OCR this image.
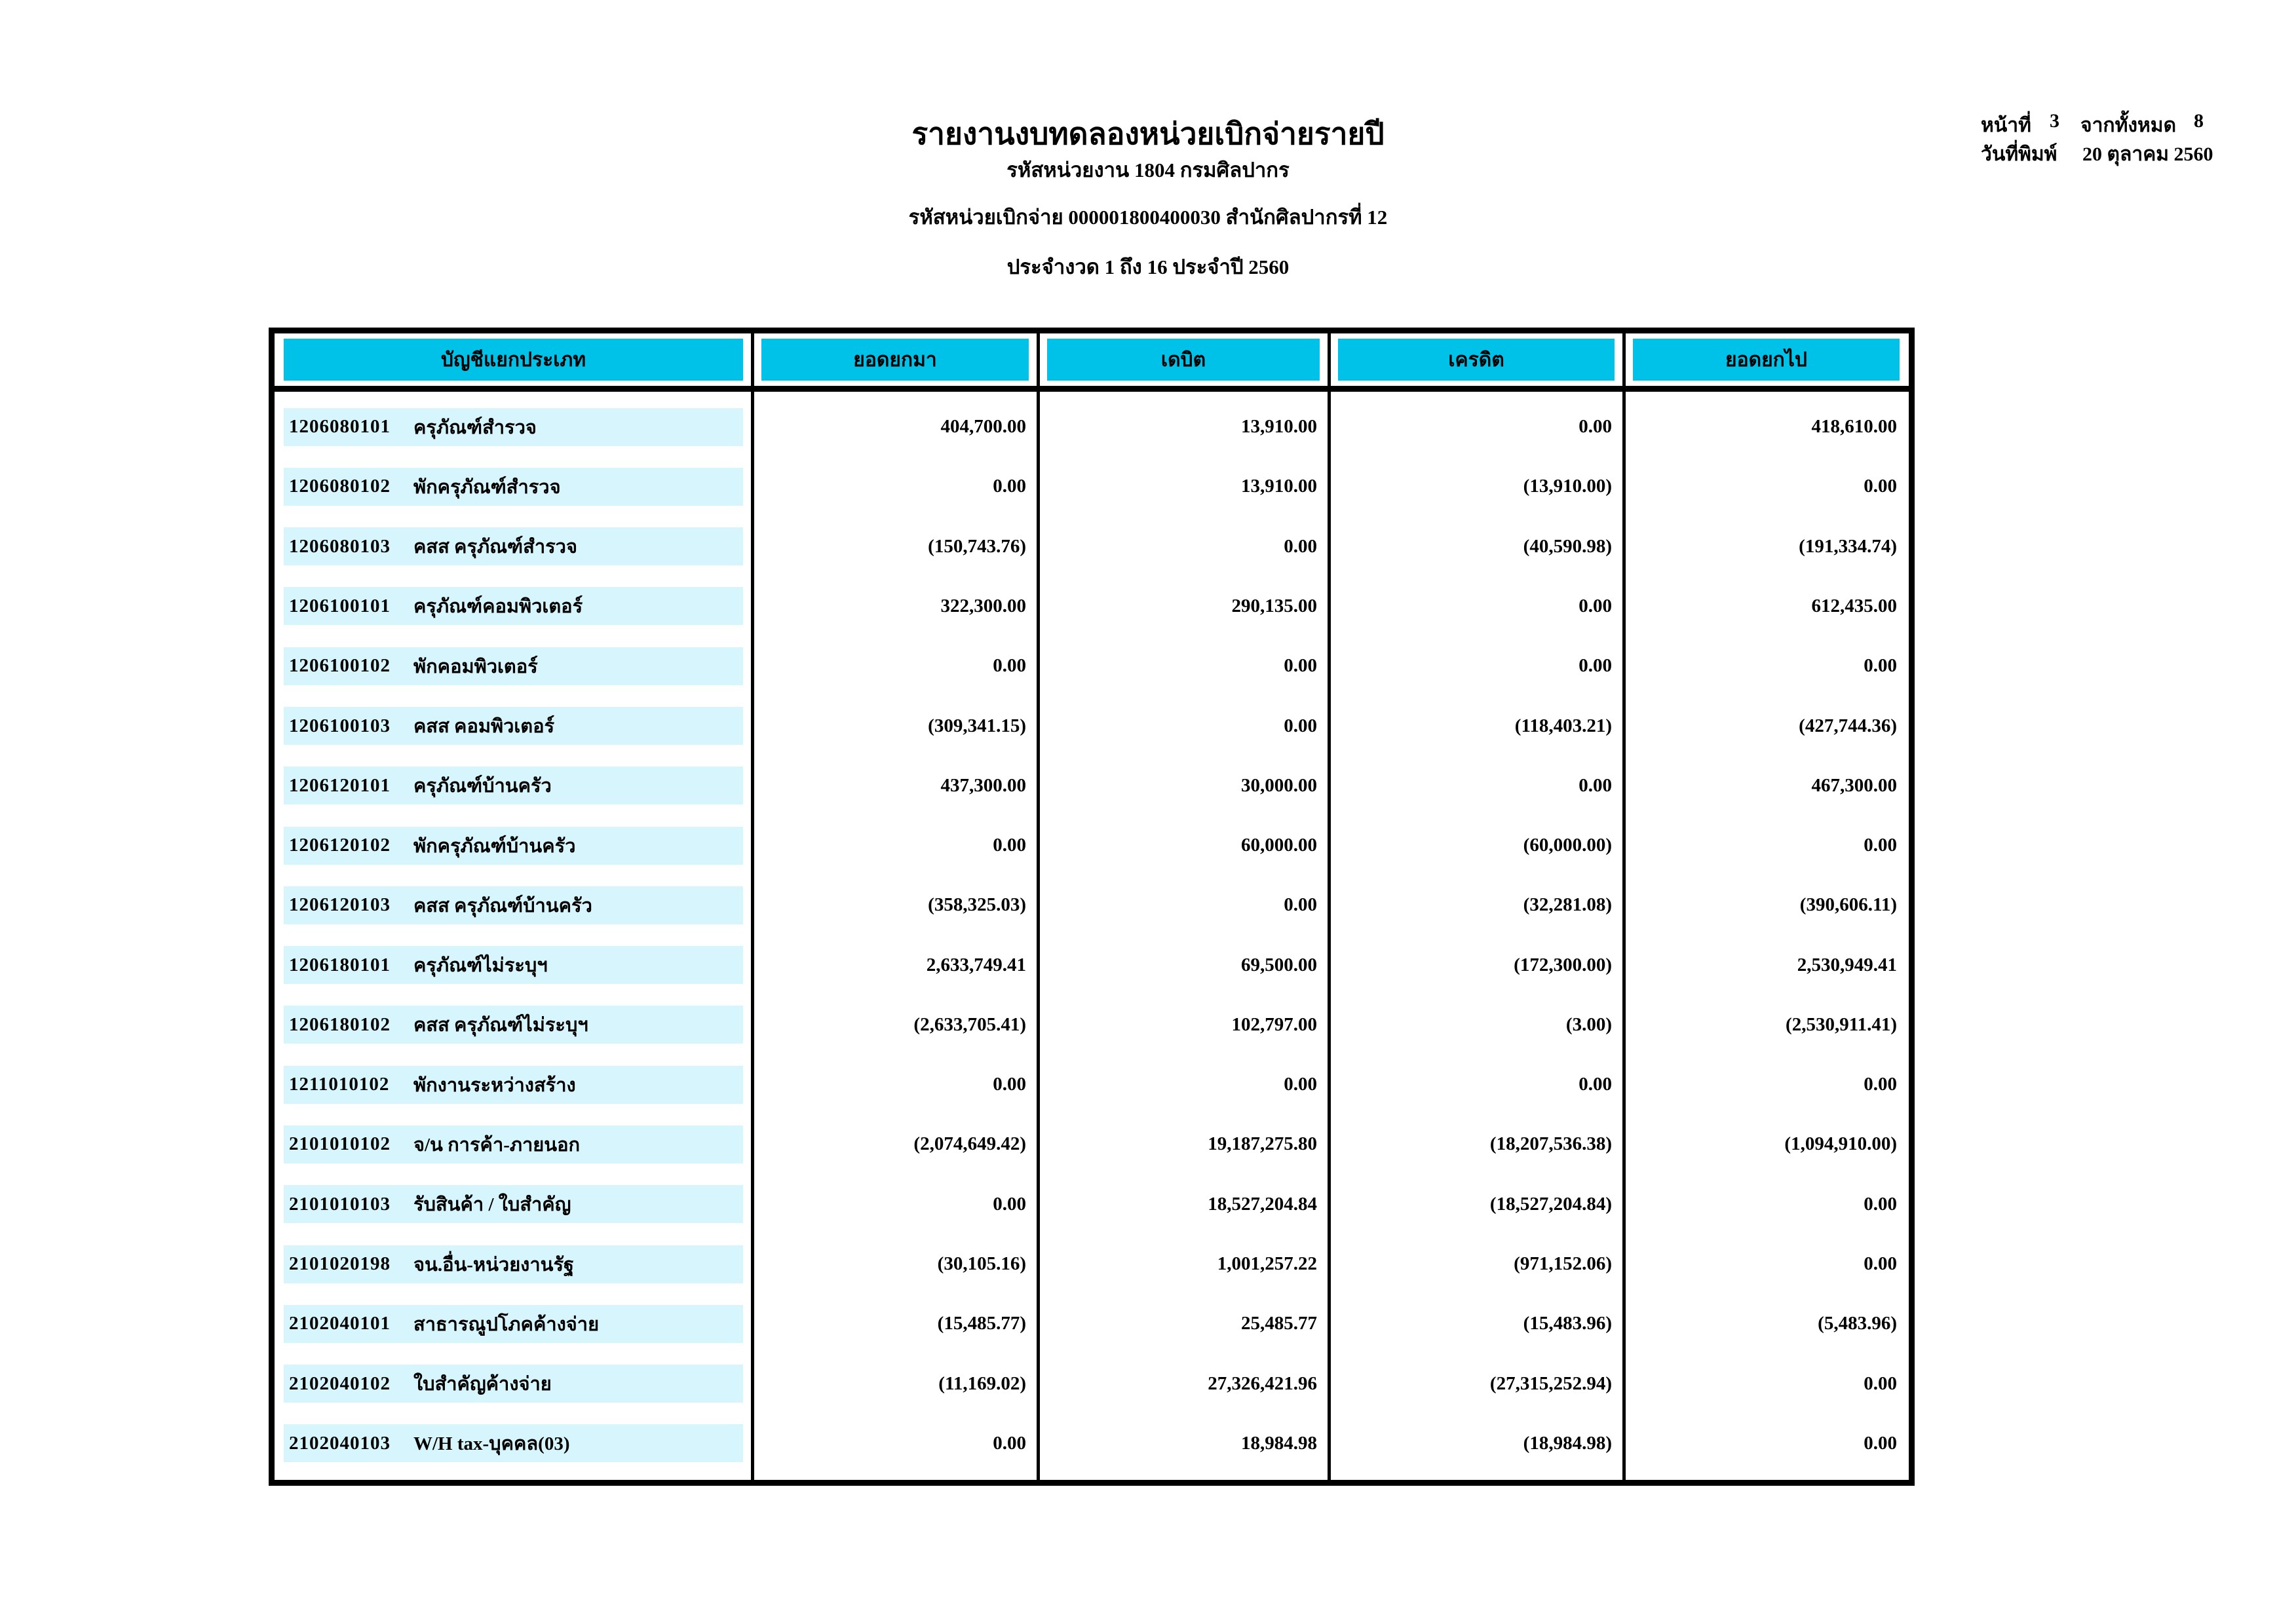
รายงานงบทดลองหน่วยเบิกจ่ายรายปี
รหัสหน่วยงาน 1804 กรมศิลปากร
รหัสหน่วยเบิกจ่าย 000001800400030 สำนักศิลปากรที่ 12
ประจำงวด 1 ถึง 16 ประจำปี 2560
หน้าที่ 3 จากทั้งหมด 8
วันที่พิมพ์ 20 ตุลาคม 2560
บัญชีแยกประเภท	ยอดยกมา	เดบิต	เครดิต	ยอดยกไป
1206080101 ครุภัณฑ์สำรวจ	404,700.00	13,910.00	0.00	418,610.00
1206080102 พักครุภัณฑ์สำรวจ	0.00	13,910.00	(13,910.00)	0.00
1206080103 คสส ครุภัณฑ์สำรวจ	(150,743.76)	0.00	(40,590.98)	(191,334.74)
1206100101 ครุภัณฑ์คอมพิวเตอร์	322,300.00	290,135.00	0.00	612,435.00
1206100102 พักคอมพิวเตอร์	0.00	0.00	0.00	0.00
1206100103 คสส คอมพิวเตอร์	(309,341.15)	0.00	(118,403.21)	(427,744.36)
1206120101 ครุภัณฑ์บ้านครัว	437,300.00	30,000.00	0.00	467,300.00
1206120102 พักครุภัณฑ์บ้านครัว	0.00	60,000.00	(60,000.00)	0.00
1206120103 คสส ครุภัณฑ์บ้านครัว	(358,325.03)	0.00	(32,281.08)	(390,606.11)
1206180101 ครุภัณฑ์ไม่ระบุฯ	2,633,749.41	69,500.00	(172,300.00)	2,530,949.41
1206180102 คสส ครุภัณฑ์ไม่ระบุฯ	(2,633,705.41)	102,797.00	(3.00)	(2,530,911.41)
1211010102 พักงานระหว่างสร้าง	0.00	0.00	0.00	0.00
2101010102 จ/น การค้า-ภายนอก	(2,074,649.42)	19,187,275.80	(18,207,536.38)	(1,094,910.00)
2101010103 รับสินค้า / ใบสำคัญ	0.00	18,527,204.84	(18,527,204.84)	0.00
2101020198 จน.อื่น-หน่วยงานรัฐ	(30,105.16)	1,001,257.22	(971,152.06)	0.00
2102040101 สาธารณูปโภคค้างจ่าย	(15,485.77)	25,485.77	(15,483.96)	(5,483.96)
2102040102 ใบสำคัญค้างจ่าย	(11,169.02)	27,326,421.96	(27,315,252.94)	0.00
2102040103 W/H tax-บุคคล(03)	0.00	18,984.98	(18,984.98)	0.00
